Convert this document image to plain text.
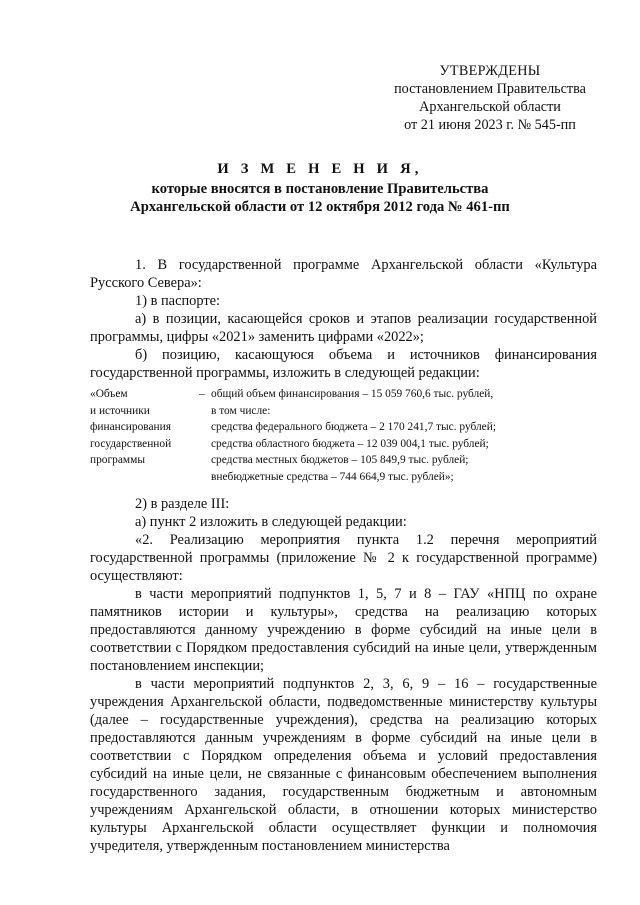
УТВЕРЖДЕНЫ
постановлением Правительства
Архангельской области
от 21 июня 2023 г. № 545-пп
И З М Е Н Е Н И Я,
которые вносятся в постановление Правительства
Архангельской области от 12 октября 2012 года № 461-пп

1. В государственной программе Архангельской области «Культура Русского Севера»:

1) в паспорте:

а) в позиции, касающейся сроков и этапов реализации государственной программы, цифры «2021» заменить цифрами «2022»;

б) позицию, касающуюся объема и источников финансирования государственной программы, изложить в следующей редакции:

«Объем
и источники
финансирования
государственной
программы
– общий объем финансирования – 15 059 760,6 тыс. рублей,
в том числе:
средства федерального бюджета – 2 170 241,7 тыс. рублей;
средства областного бюджета – 12 039 004,1 тыс. рублей;
средства местных бюджетов – 105 849,9 тыс. рублей;
внебюджетные средства – 744 664,9 тыс. рублей»;

2) в разделе III:

а) пункт 2 изложить в следующей редакции:

«2. Реализацию мероприятия пункта 1.2 перечня мероприятий государственной программы (приложение № 2 к государственной программе) осуществляют:

в части мероприятий подпунктов 1, 5, 7 и 8 – ГАУ «НПЦ по охране памятников истории и культуры», средства на реализацию которых предоставляются данному учреждению в форме субсидий на иные цели в соответствии с Порядком предоставления субсидий на иные цели, утвержденным постановлением инспекции;

в части мероприятий подпунктов 2, 3, 6, 9 – 16 – государственные учреждения Архангельской области, подведомственные министерству культуры (далее – государственные учреждения), средства на реализацию которых предоставляются данным учреждениям в форме субсидий на иные цели в соответствии с Порядком определения объема и условий предоставления субсидий на иные цели, не связанные с финансовым обеспечением выполнения государственного задания, государственным бюджетным и автономным учреждениям Архангельской области, в отношении которых министерство культуры Архангельской области осуществляет функции и полномочия учредителя, утвержденным постановлением министерства
